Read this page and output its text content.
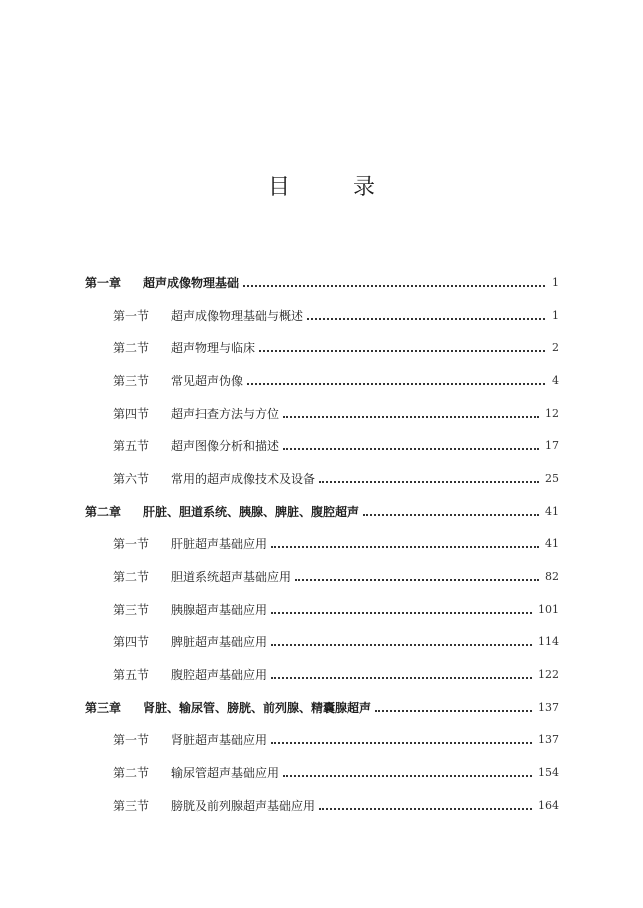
目 录
第一章	超声成像物理基础	1
第一节	超声成像物理基础与概述	1
第二节	超声物理与临床	2
第三节	常见超声伪像	4
第四节	超声扫查方法与方位	12
第五节	超声图像分析和描述	17
第六节	常用的超声成像技术及设备	25
第二章	肝脏、胆道系统、胰腺、脾脏、腹腔超声	41
第一节	肝脏超声基础应用	41
第二节	胆道系统超声基础应用	82
第三节	胰腺超声基础应用	101
第四节	脾脏超声基础应用	114
第五节	腹腔超声基础应用	122
第三章	肾脏、输尿管、膀胱、前列腺、精囊腺超声	137
第一节	肾脏超声基础应用	137
第二节	输尿管超声基础应用	154
第三节	膀胱及前列腺超声基础应用	164
